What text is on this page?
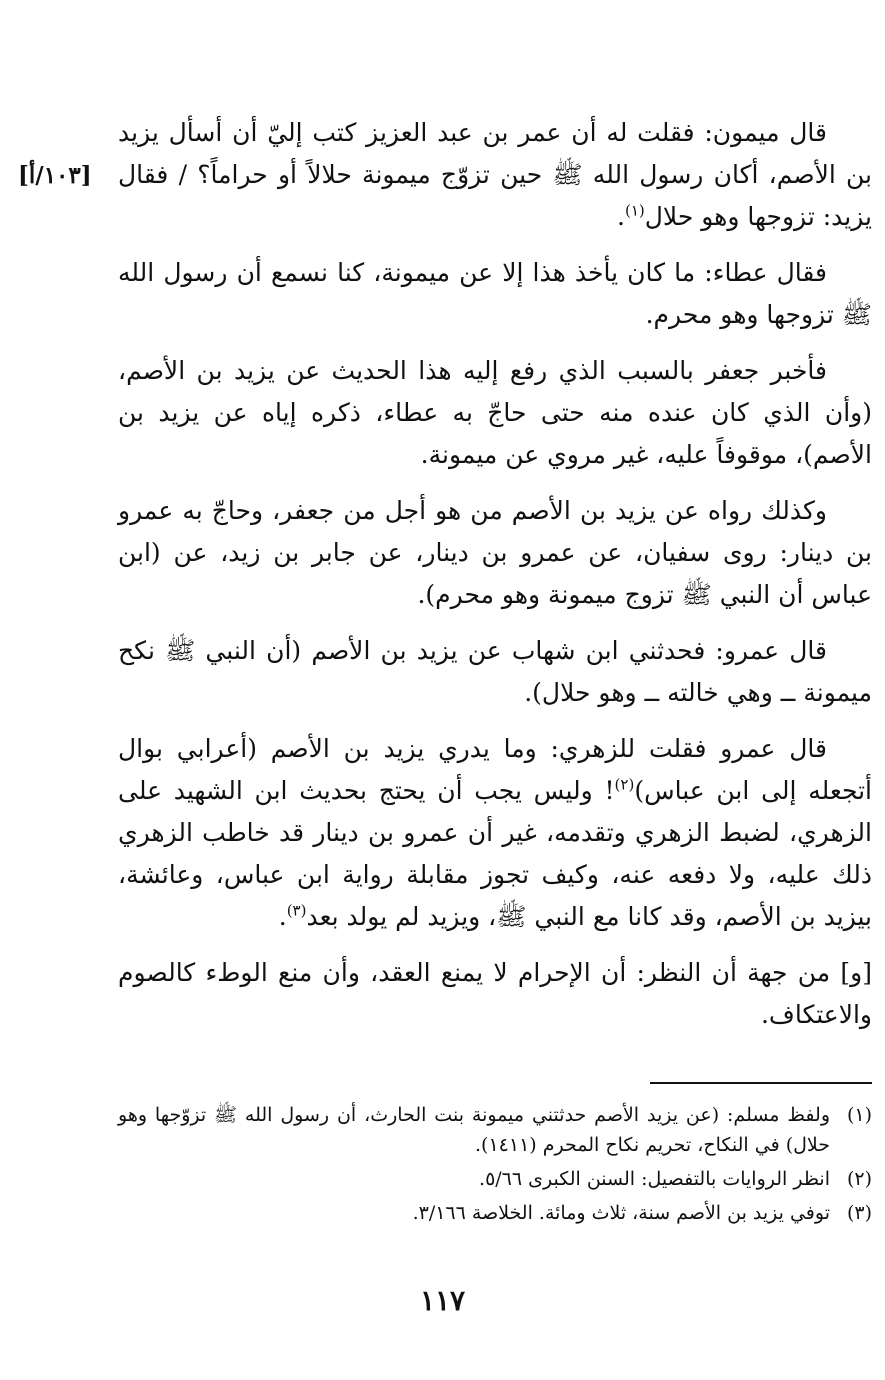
[١٠٣/أ]

قال ميمون: فقلت له أن عمر بن عبد العزيز كتب إليّ أن أسأل يزيد بن الأصم، أكان رسول الله ﷺ حين تزوّج ميمونة حلالاً أو حراماً؟ / فقال يزيد: تزوجها وهو حلال$^{(١)}$.

فقال عطاء: ما كان يأخذ هذا إلا عن ميمونة، كنا نسمع أن رسول الله ﷺ تزوجها وهو محرم.

فأخبر جعفر بالسبب الذي رفع إليه هذا الحديث عن يزيد بن الأصم، (وأن الذي كان عنده منه حتى حاجّ به عطاء، ذكره إياه عن يزيد بن الأصم)، موقوفاً عليه، غير مروي عن ميمونة.

وكذلك رواه عن يزيد بن الأصم من هو أجل من جعفر، وحاجّ به عمرو بن دينار: روى سفيان، عن عمرو بن دينار، عن جابر بن زيد، عن (ابن عباس أن النبي ﷺ تزوج ميمونة وهو محرم).

قال عمرو: فحدثني ابن شهاب عن يزيد بن الأصم (أن النبي ﷺ نكح ميمونة ــ وهي خالته ــ وهو حلال).

قال عمرو فقلت للزهري: وما يدري يزيد بن الأصم (أعرابي بوال أتجعله إلى ابن عباس)$^{(٢)}$! وليس يجب أن يحتج بحديث ابن الشهيد على الزهري، لضبط الزهري وتقدمه، غير أن عمرو بن دينار قد خاطب الزهري ذلك عليه، ولا دفعه عنه، وكيف تجوز مقابلة رواية ابن عباس، وعائشة، بيزيد بن الأصم، وقد كانا مع النبي ﷺ، ويزيد لم يولد بعد$^{(٣)}$.

[و] من جهة أن النظر: أن الإحرام لا يمنع العقد، وأن منع الوطء كالصوم والاعتكاف.

(١)
ولفظ مسلم: (عن يزيد الأصم حدثتني ميمونة بنت الحارث، أن رسول الله ﷺ تزوّجها وهو حلال) في النكاح، تحريم نكاح المحرم (١٤١١).
(٢)
انظر الروايات بالتفصيل: السنن الكبرى ٥/٦٦.
(٣)
توفي يزيد بن الأصم سنة، ثلاث ومائة. الخلاصة ٣/١٦٦.
١١٧
